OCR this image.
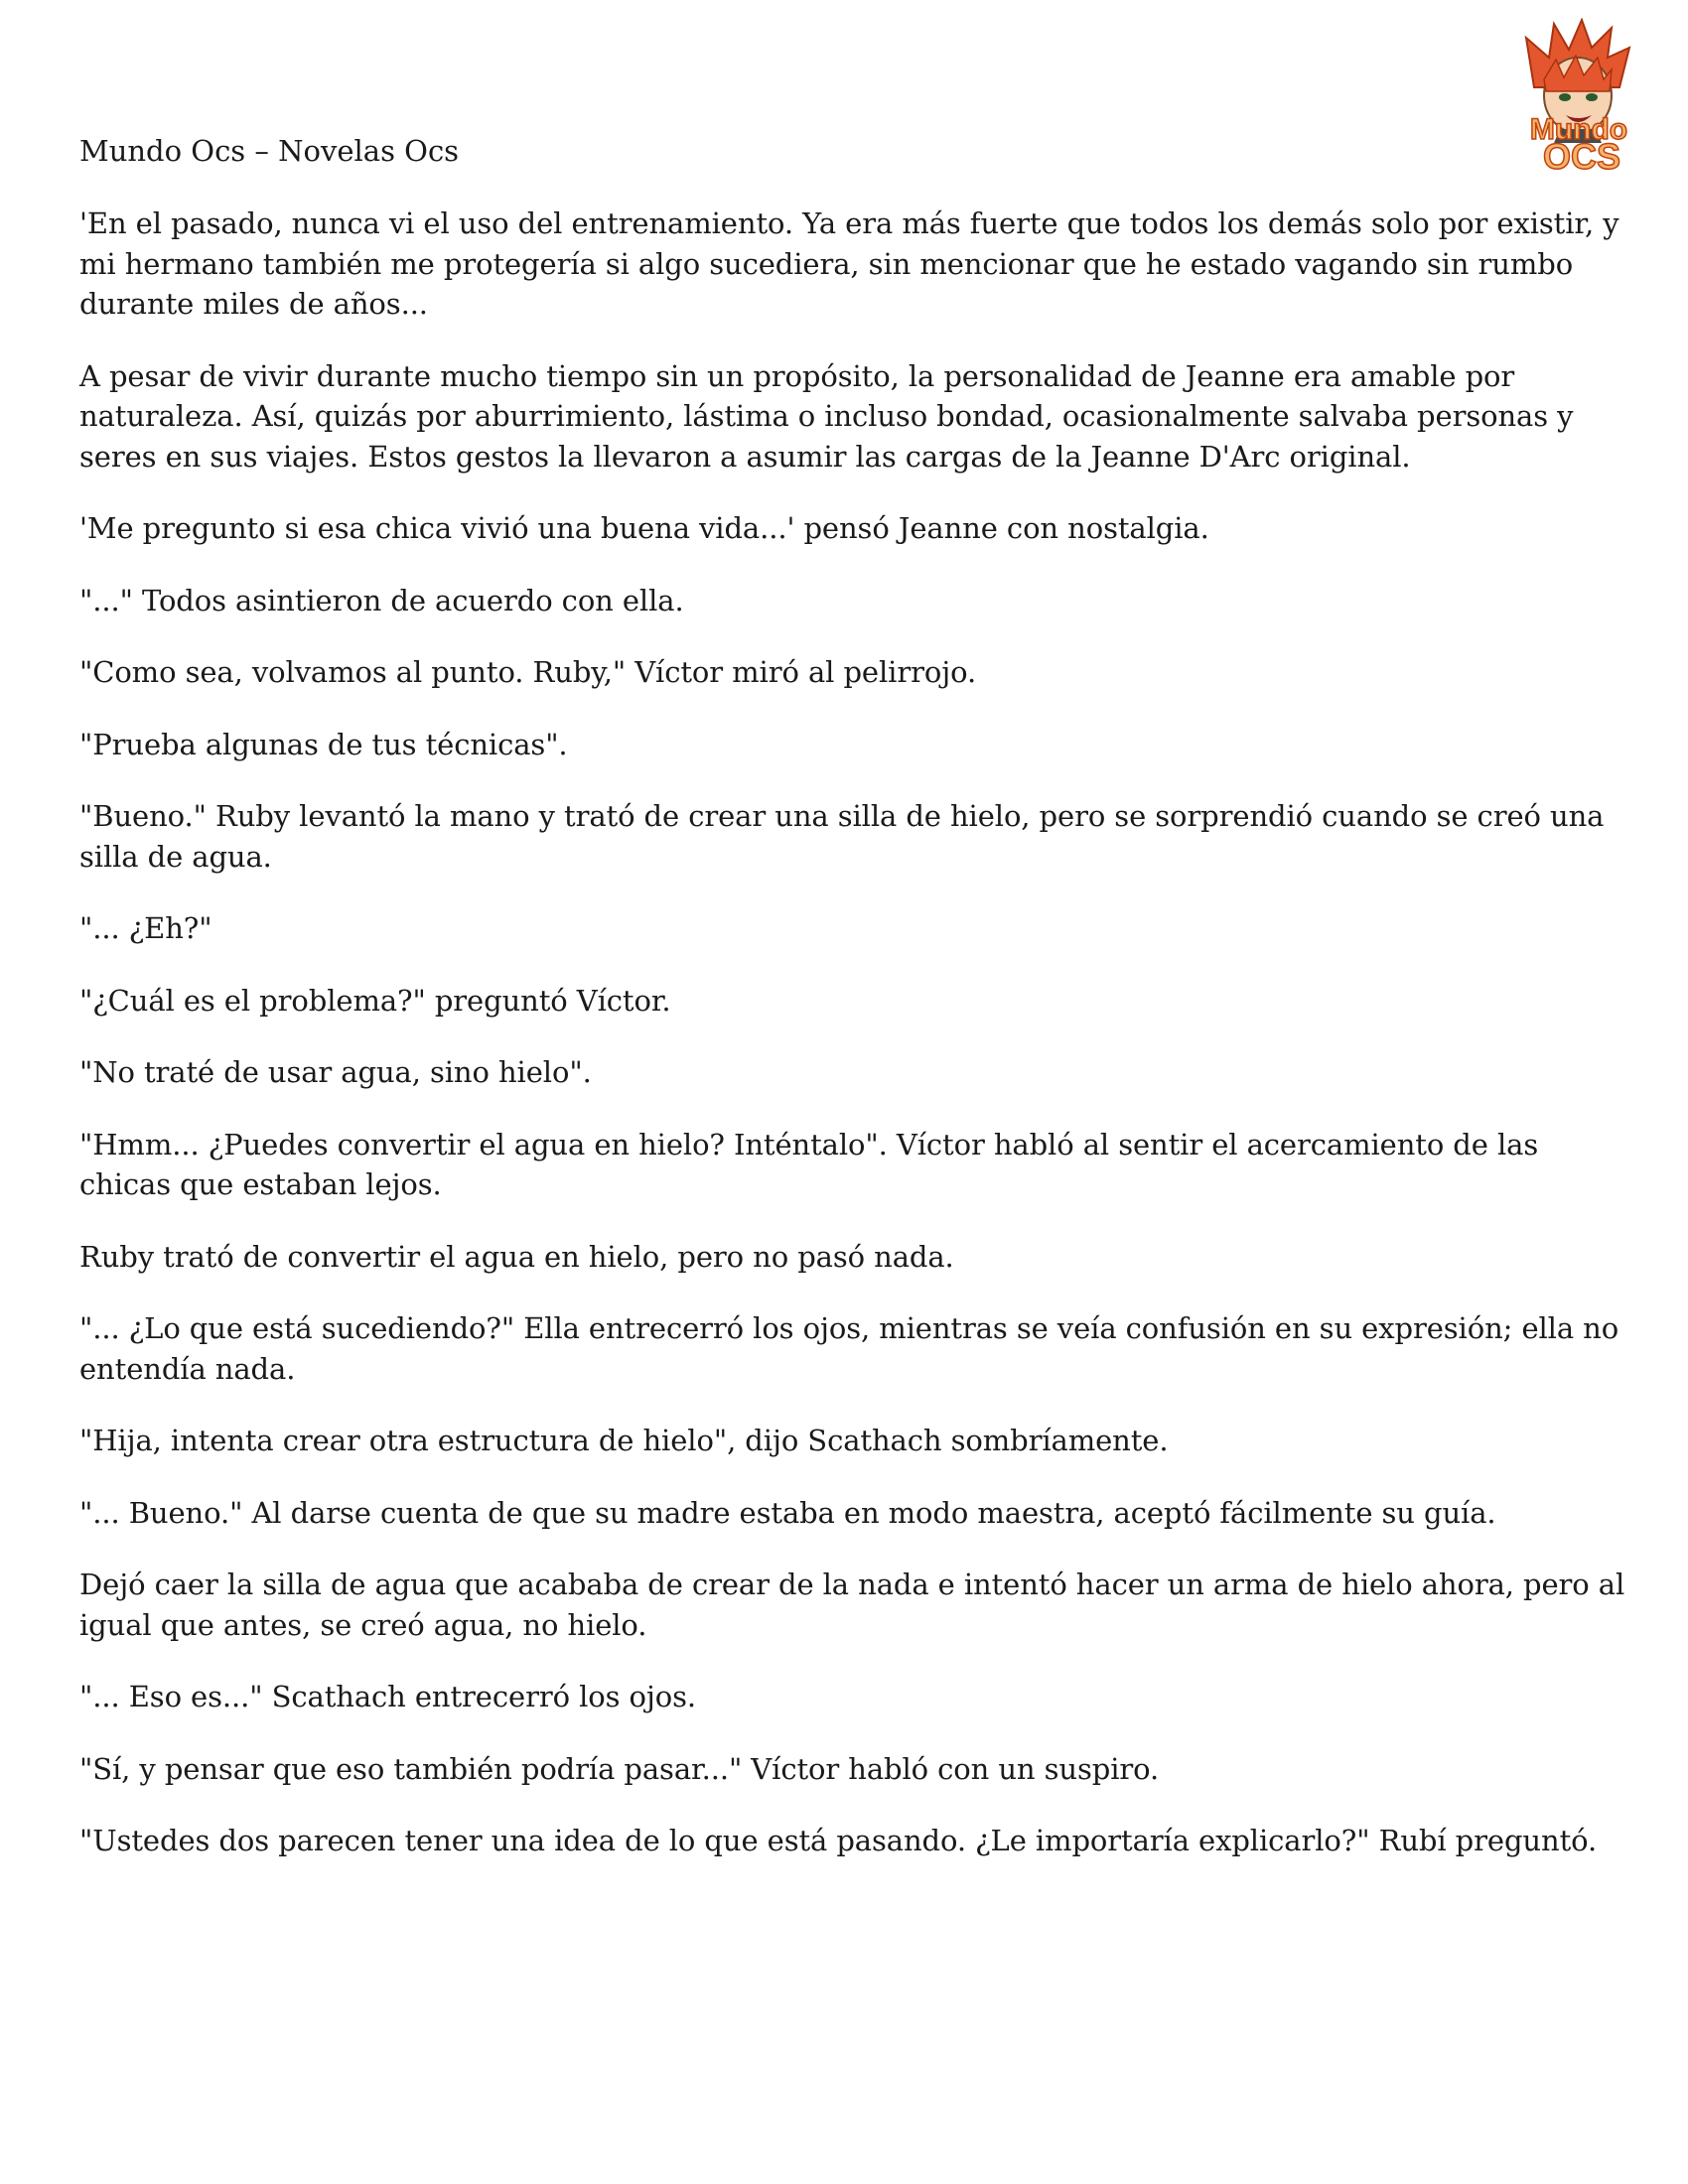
Mundo
OCS
Mundo Ocs – Novelas Ocs

'En el pasado, nunca vi el uso del entrenamiento. Ya era más fuerte que todos los demás solo por existir, y mi hermano también me protegería si algo sucediera, sin mencionar que he estado vagando sin rumbo durante miles de años...

A pesar de vivir durante mucho tiempo sin un propósito, la personalidad de Jeanne era amable por naturaleza. Así, quizás por aburrimiento, lástima o incluso bondad, ocasionalmente salvaba personas y seres en sus viajes. Estos gestos la llevaron a asumir las cargas de la Jeanne D'Arc original.

'Me pregunto si esa chica vivió una buena vida...' pensó Jeanne con nostalgia.

"..." Todos asintieron de acuerdo con ella.

"Como sea, volvamos al punto. Ruby," Víctor miró al pelirrojo.

"Prueba algunas de tus técnicas".

"Bueno." Ruby levantó la mano y trató de crear una silla de hielo, pero se sorprendió cuando se creó una silla de agua.

"... ¿Eh?"

"¿Cuál es el problema?" preguntó Víctor.

"No traté de usar agua, sino hielo".

"Hmm... ¿Puedes convertir el agua en hielo? Inténtalo". Víctor habló al sentir el acercamiento de las chicas que estaban lejos.

Ruby trató de convertir el agua en hielo, pero no pasó nada.

"... ¿Lo que está sucediendo?" Ella entrecerró los ojos, mientras se veía confusión en su expresión; ella no entendía nada.

"Hija, intenta crear otra estructura de hielo", dijo Scathach sombríamente.

"... Bueno." Al darse cuenta de que su madre estaba en modo maestra, aceptó fácilmente su guía.

Dejó caer la silla de agua que acababa de crear de la nada e intentó hacer un arma de hielo ahora, pero al igual que antes, se creó agua, no hielo.

"... Eso es..." Scathach entrecerró los ojos.

"Sí, y pensar que eso también podría pasar..." Víctor habló con un suspiro.

"Ustedes dos parecen tener una idea de lo que está pasando. ¿Le importaría explicarlo?" Rubí preguntó.
